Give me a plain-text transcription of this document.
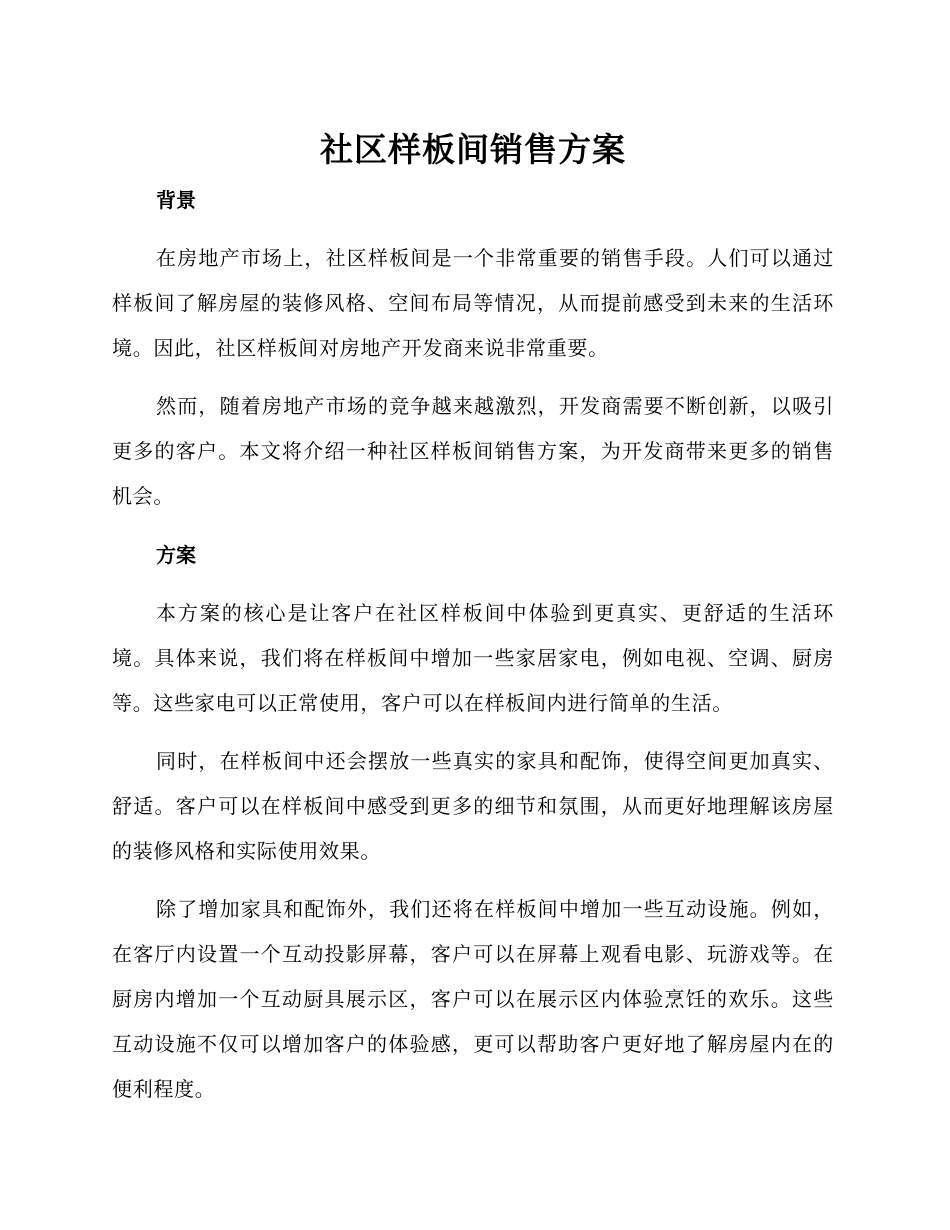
社区样板间销售方案
背景

在房地产市场上，社区样板间是一个非常重要的销售手段。人们可以通过样板间了解房屋的装修风格、空间布局等情况，从而提前感受到未来的生活环境。因此，社区样板间对房地产开发商来说非常重要。

然而，随着房地产市场的竞争越来越激烈，开发商需要不断创新，以吸引更多的客户。本文将介绍一种社区样板间销售方案，为开发商带来更多的销售机会。

方案

本方案的核心是让客户在社区样板间中体验到更真实、更舒适的生活环境。具体来说，我们将在样板间中增加一些家居家电，例如电视、空调、厨房等。这些家电可以正常使用，客户可以在样板间内进行简单的生活。

同时，在样板间中还会摆放一些真实的家具和配饰，使得空间更加真实、舒适。客户可以在样板间中感受到更多的细节和氛围，从而更好地理解该房屋的装修风格和实际使用效果。

除了增加家具和配饰外，我们还将在样板间中增加一些互动设施。例如，在客厅内设置一个互动投影屏幕，客户可以在屏幕上观看电影、玩游戏等。在厨房内增加一个互动厨具展示区，客户可以在展示区内体验烹饪的欢乐。这些互动设施不仅可以增加客户的体验感，更可以帮助客户更好地了解房屋内在的便利程度。
